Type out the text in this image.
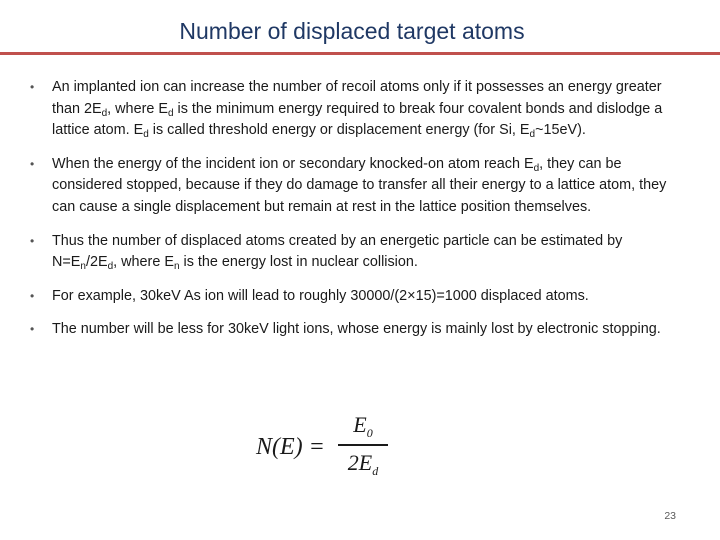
Number of displaced target atoms
• An implanted ion can increase the number of recoil atoms only if it possesses an energy greater than $2E_d$, where $E_d$ is the minimum energy required to break four covalent bonds and dislodge a lattice atom. $E_d$ is called threshold energy or displacement energy (for Si, $E_d\sim 15eV$).
• When the energy of the incident ion or secondary knocked-on atom reach $E_d$, they can be considered stopped, because if they do damage to transfer all their energy to a lattice atom, they can cause a single displacement but remain at rest in the lattice position themselves.
• Thus the number of displaced atoms created by an energetic particle can be estimated by $N=E_n/2E_d$, where $E_n$ is the energy lost in nuclear collision.
• For example, 30keV As ion will lead to roughly 30000/(2×15)=1000 displaced atoms.
• The number will be less for 30keV light ions, whose energy is mainly lost by electronic stopping.
N(E) =
$E_0$
$2E_d$
23
